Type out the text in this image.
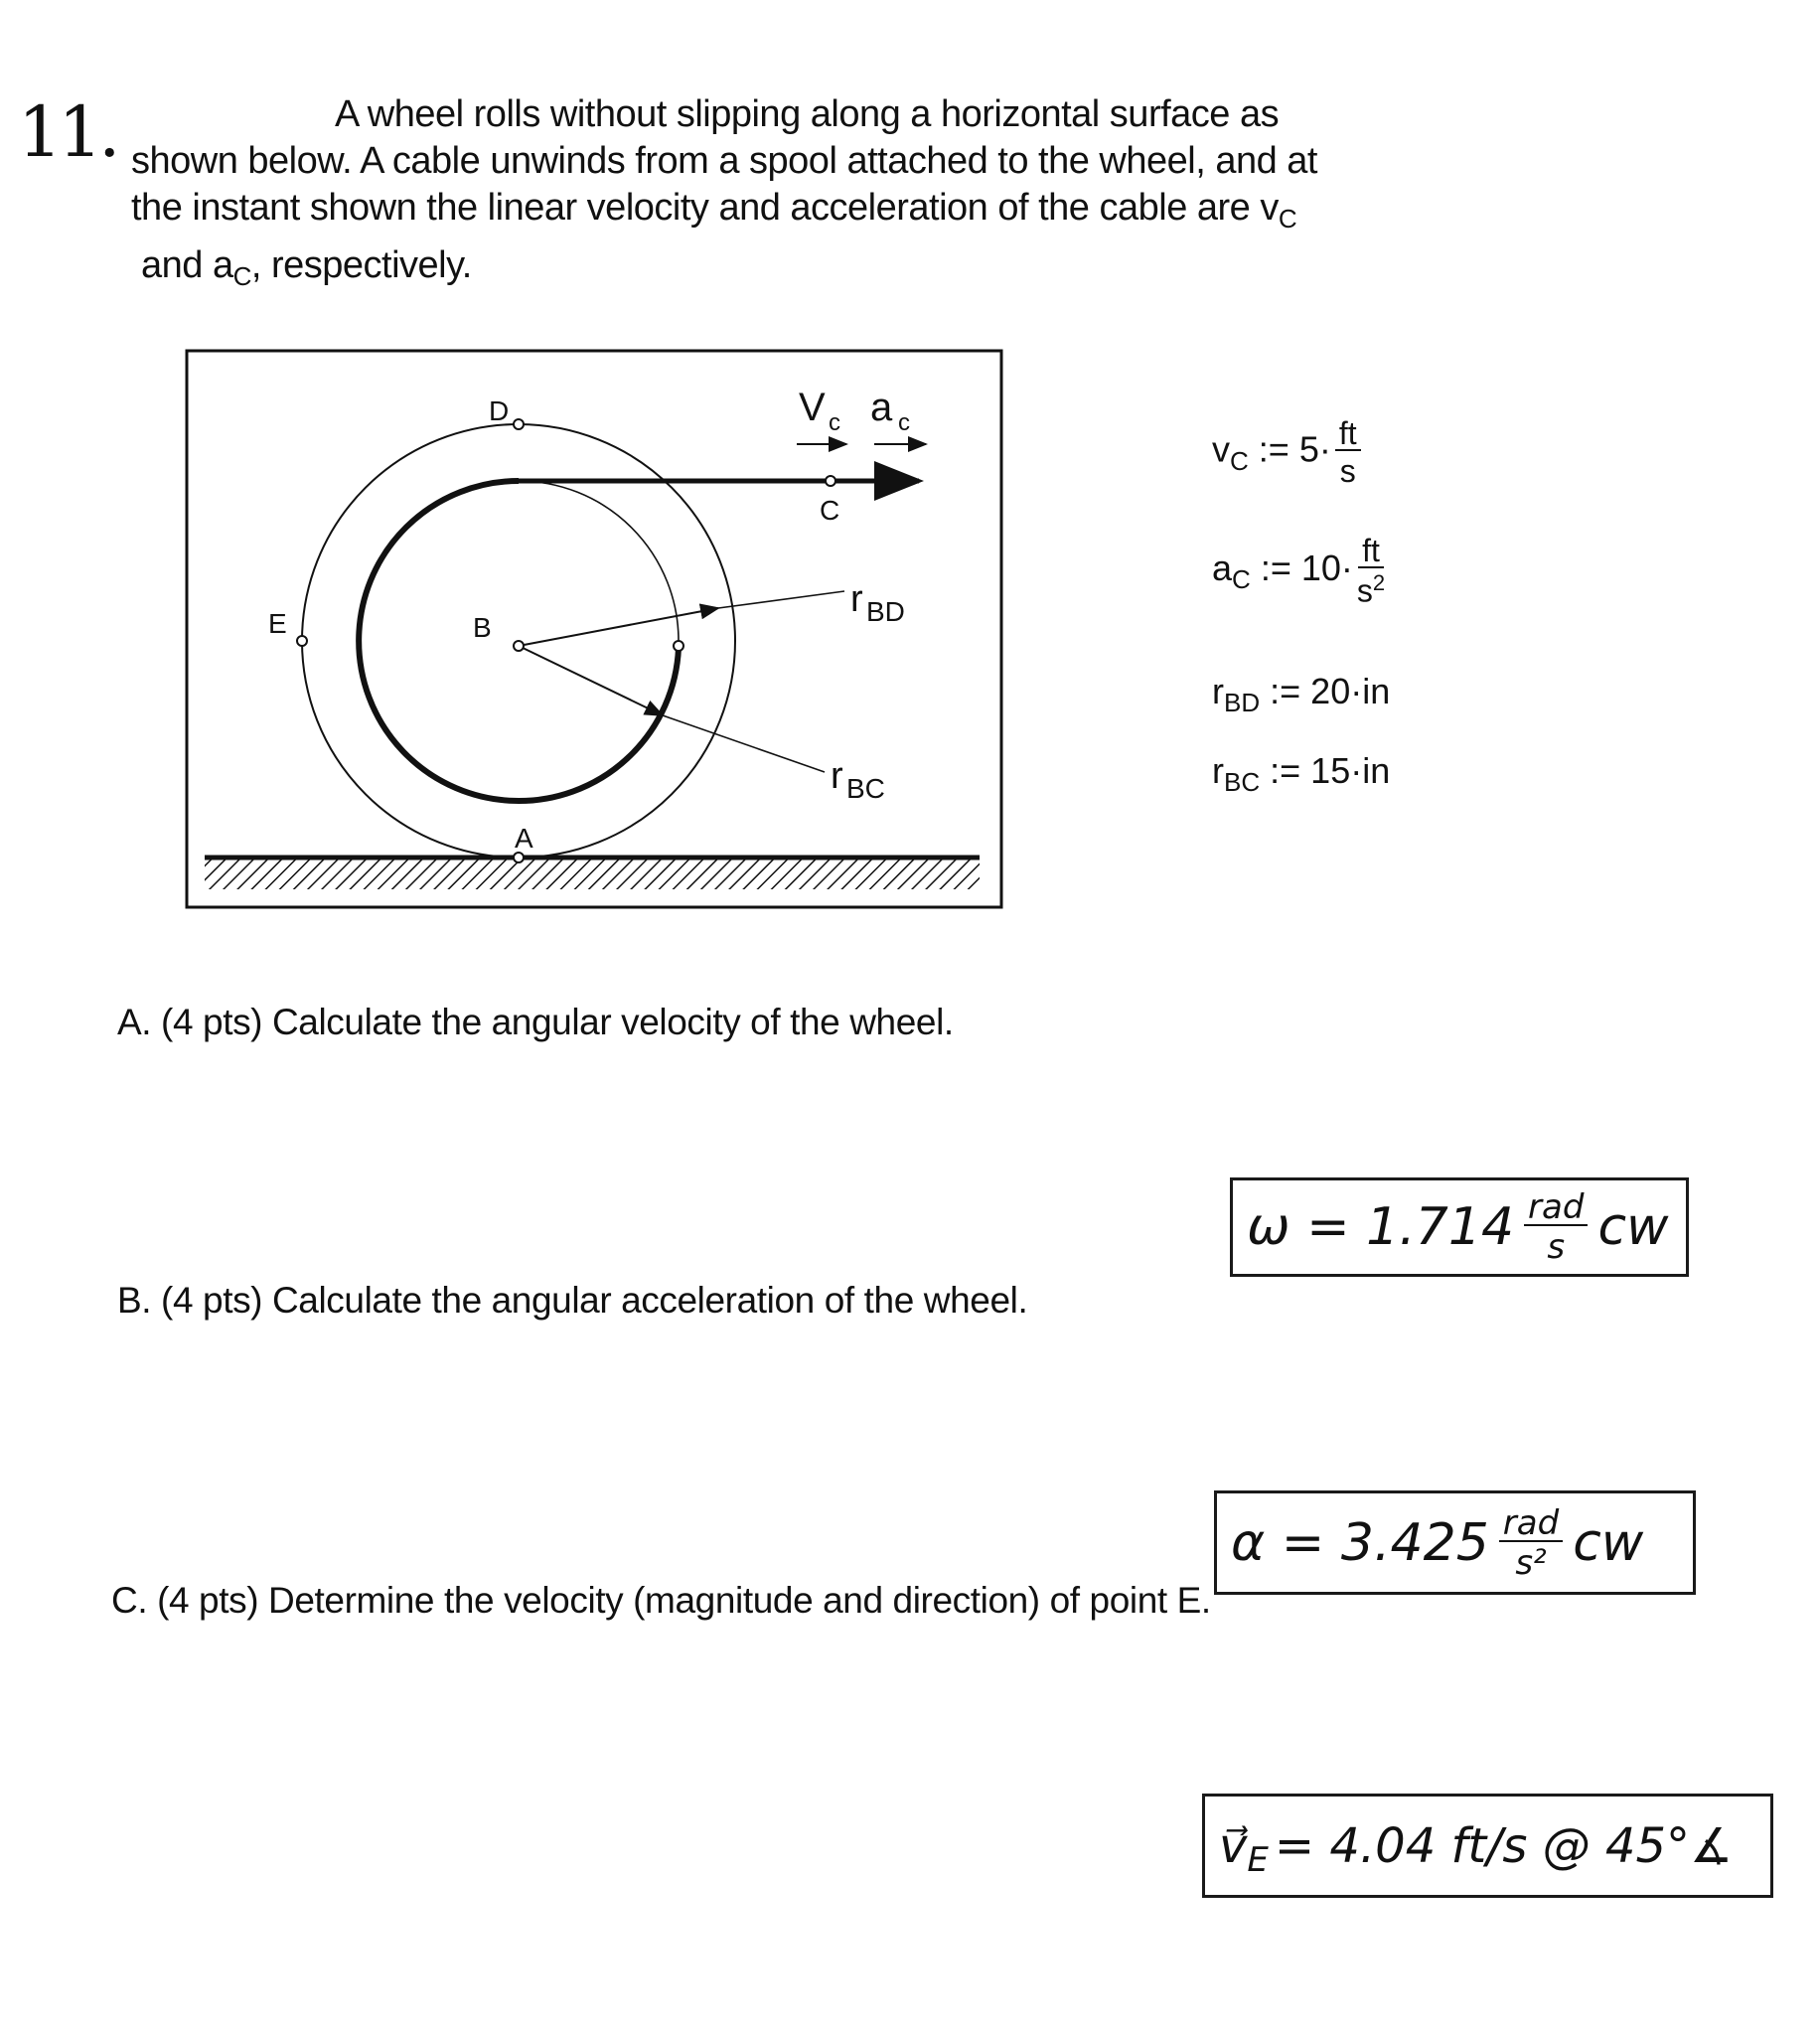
11.	A wheel rolls without slipping along a horizontal surface as
shown below. A cable unwinds from a spool attached to the wheel, and at
the instant shown the linear velocity and acceleration of the cable are $v_C$
and $a_C$, respectively.
D
C
E	B
A
V c a c
r BD
r BC
$v_C$ := $5\cdot \frac{ft}{s}$
$a_C$ := $10\cdot \frac{ft}{s^2}$
$r_{BD}$ := 20·in
$r_{BC}$ := 15·in
A. (4 pts) Calculate the angular velocity of the wheel.
B. (4 pts) Calculate the angular acceleration of the wheel.
C. (4 pts) Determine the velocity (magnitude and direction) of point E.
$\omega = 1.714 \frac{\text{rad}}{s}$ cw
$\alpha = 3.425 \frac{\text{rad}}{\text{s²}}$ cw
v⃗ E = 4.04 ft/s @ 45°∡
